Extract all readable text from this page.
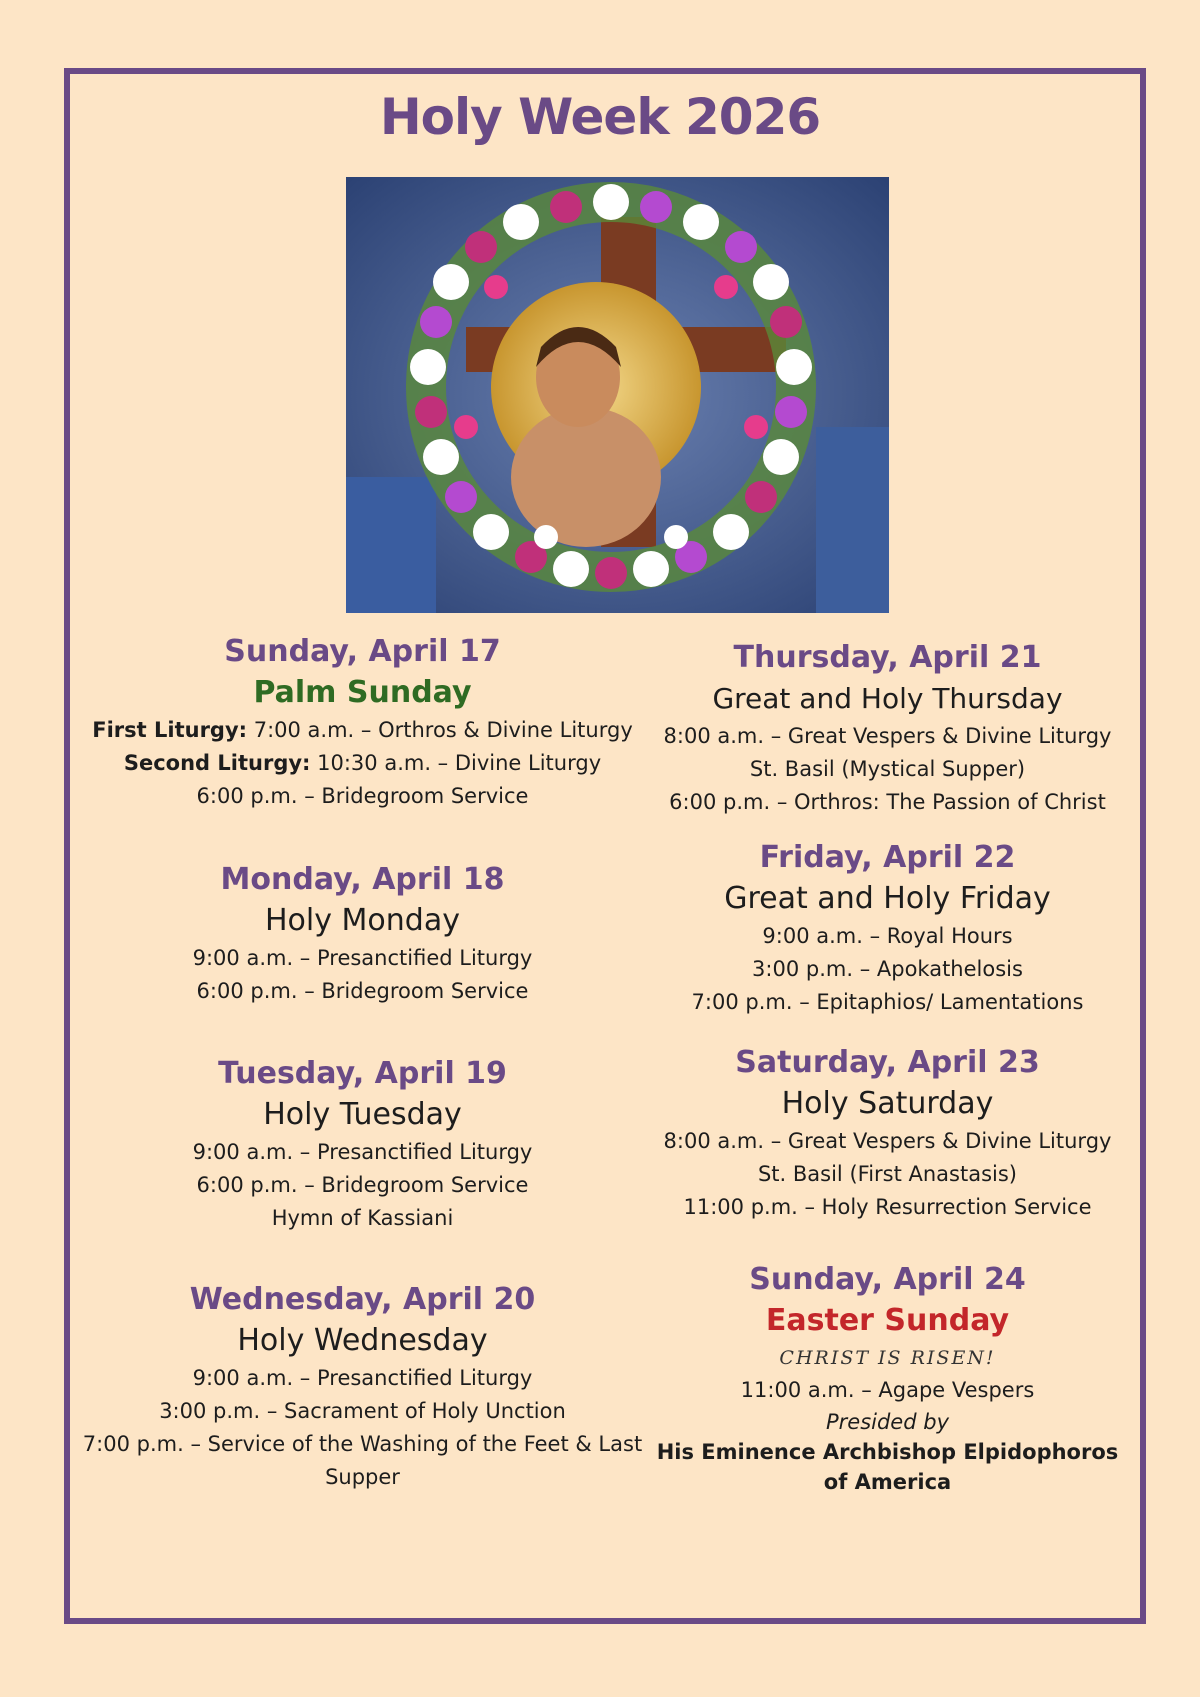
Holy Week 2026

Sunday, April 17

Palm Sunday

First Liturgy: 7:00 a.m. – Orthros & Divine Liturgy

Second Liturgy: 10:30 a.m. – Divine Liturgy

6:00 p.m. – Bridegroom Service

Monday, April 18

Holy Monday

9:00 a.m. – Presanctified Liturgy

6:00 p.m. – Bridegroom Service

Tuesday, April 19

Holy Tuesday

9:00 a.m. – Presanctified Liturgy

6:00 p.m. – Bridegroom Service

Hymn of Kassiani

Wednesday, April 20

Holy Wednesday

9:00 a.m. – Presanctified Liturgy

3:00 p.m. – Sacrament of Holy Unction

7:00 p.m. – Service of the Washing of the Feet & Last

Supper

Thursday, April 21

Great and Holy Thursday

8:00 a.m. – Great Vespers & Divine Liturgy

St. Basil (Mystical Supper)

6:00 p.m. – Orthros: The Passion of Christ

Friday, April 22

Great and Holy Friday

9:00 a.m. – Royal Hours

3:00 p.m. – Apokathelosis

7:00 p.m. – Epitaphios/ Lamentations

Saturday, April 23

Holy Saturday

8:00 a.m. – Great Vespers & Divine Liturgy

St. Basil (First Anastasis)

11:00 p.m. – Holy Resurrection Service

Sunday, April 24

Easter Sunday

CHRIST IS RISEN!

11:00 a.m. – Agape Vespers

Presided by

His Eminence Archbishop Elpidophoros

of America
